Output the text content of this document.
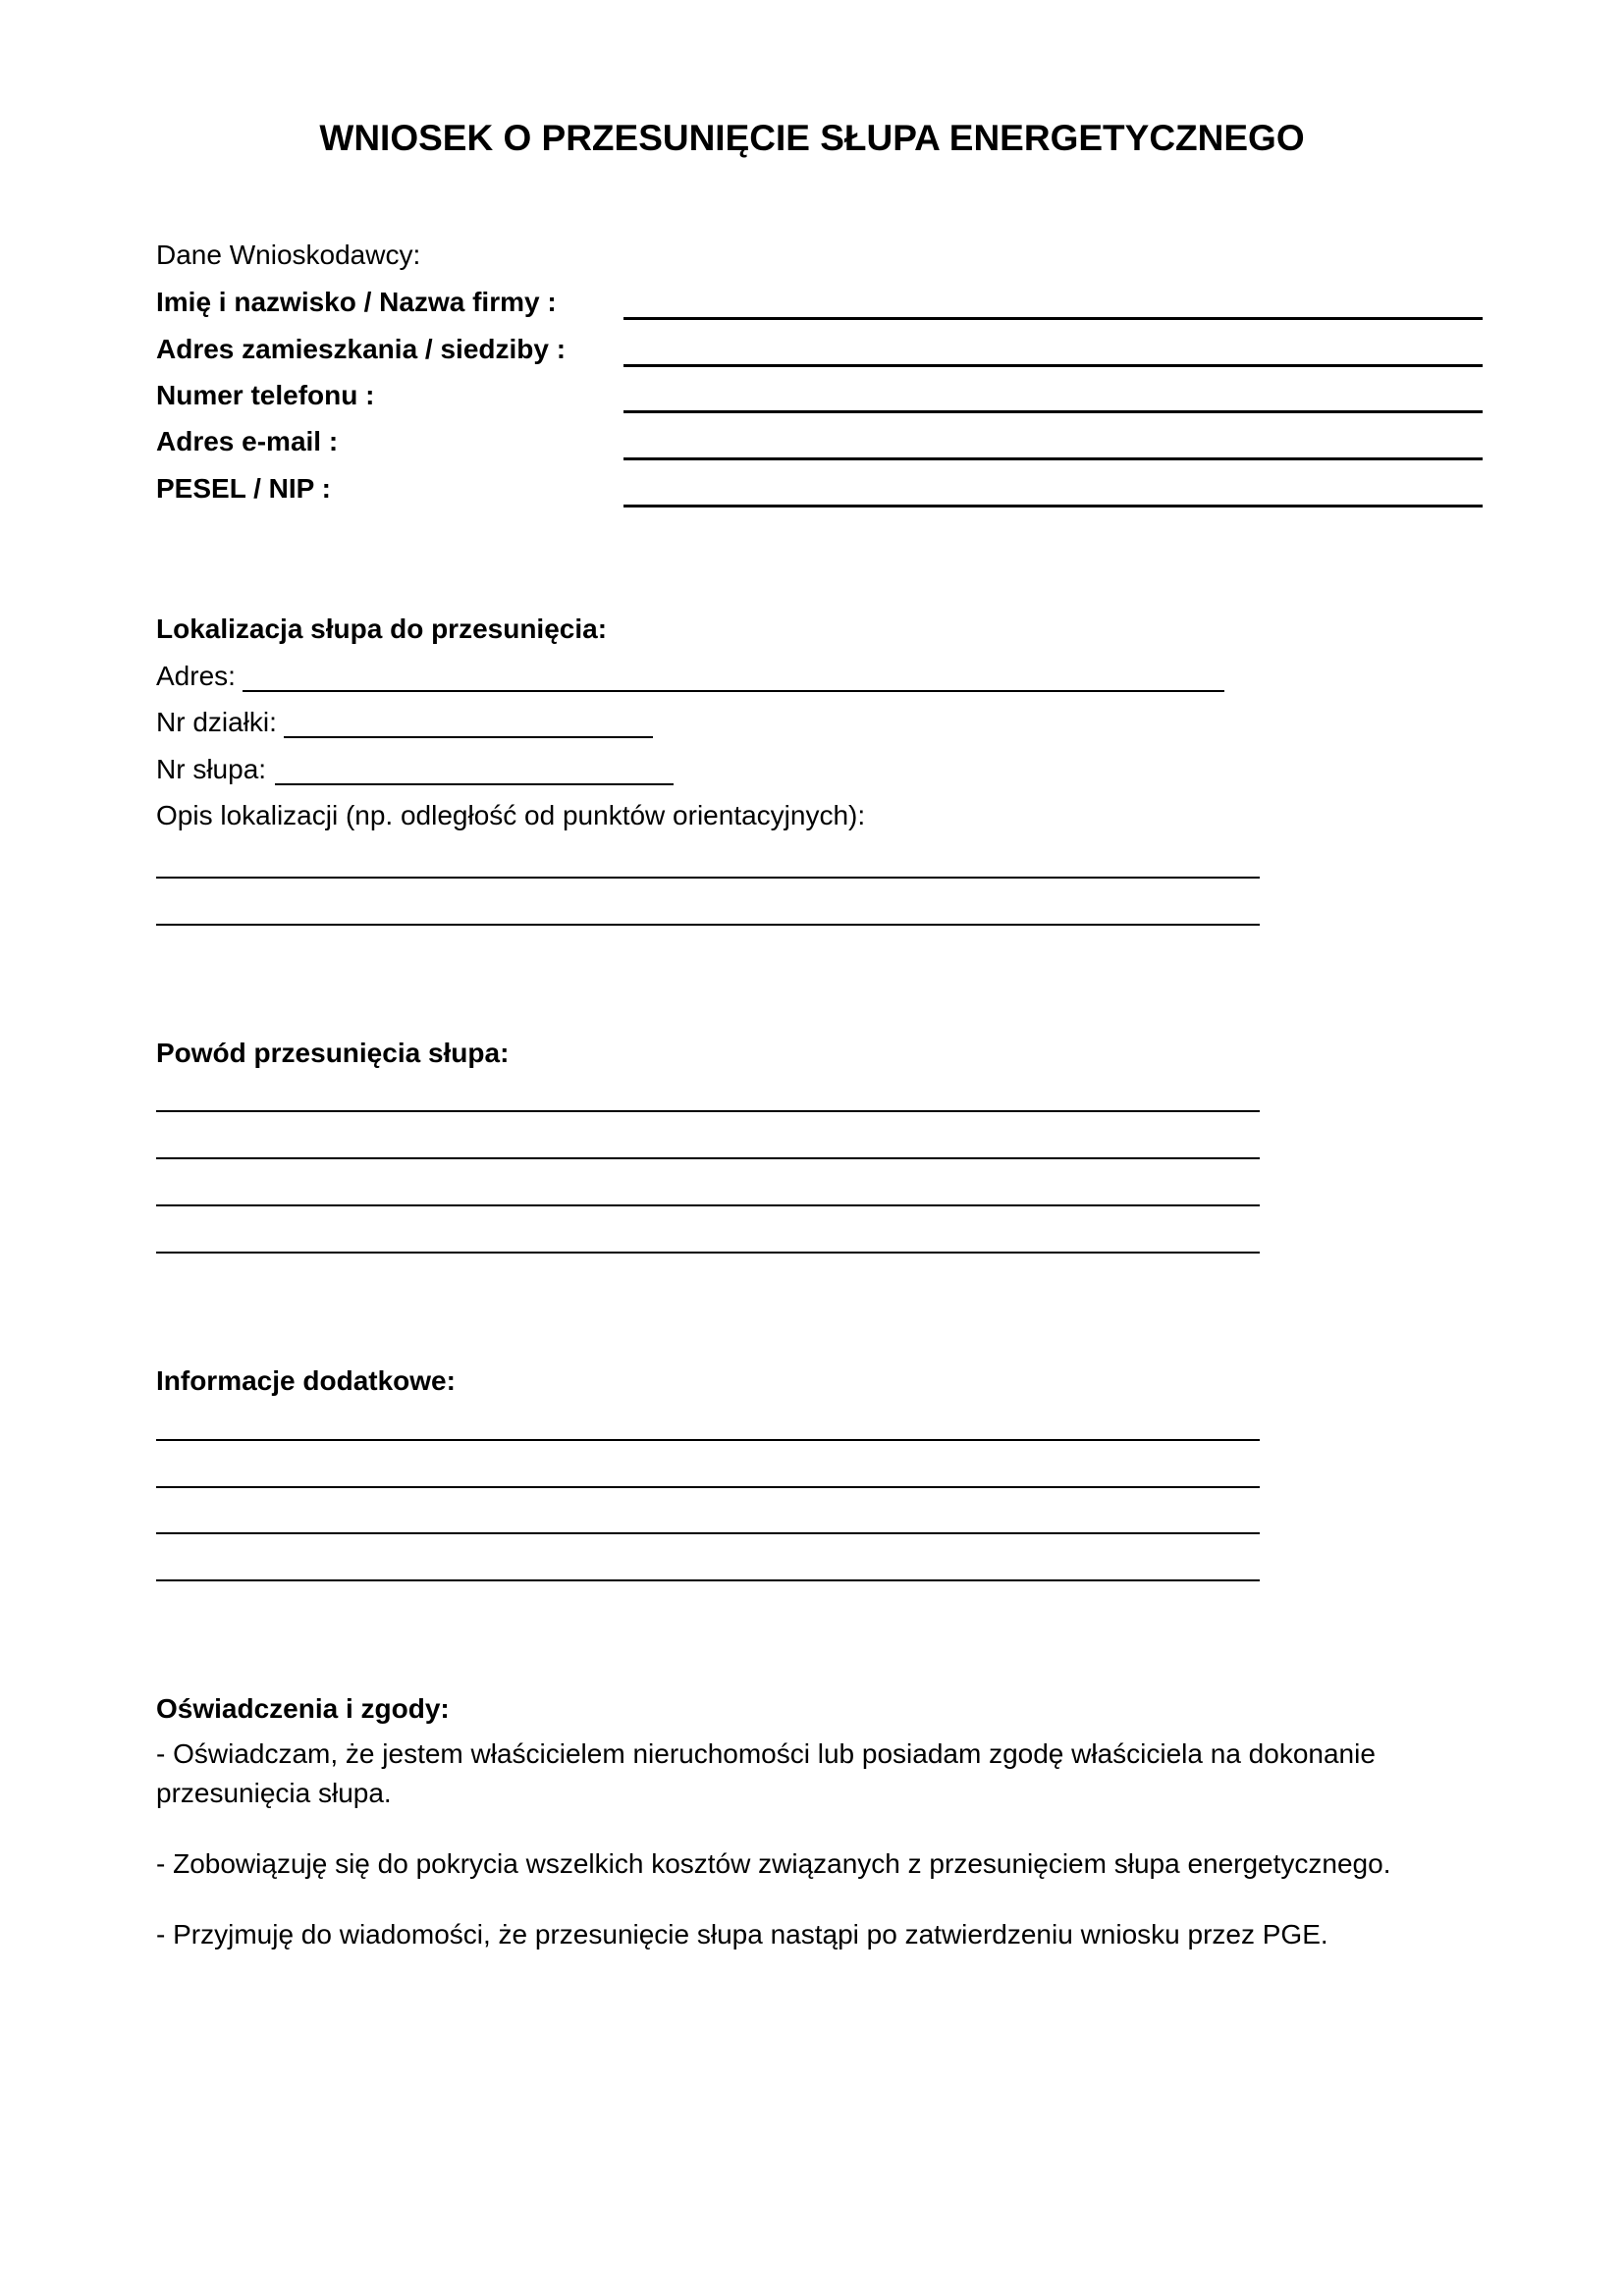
WNIOSEK O PRZESUNIĘCIE SŁUPA ENERGETYCZNEGO
Dane Wnioskodawcy:
Imię i nazwisko / Nazwa firmy :
Adres zamieszkania / siedziby :
Numer telefonu :
Adres e-mail :
PESEL / NIP :
Lokalizacja słupa do przesunięcia:
Adres:
Nr działki:
Nr słupa:
Opis lokalizacji (np. odległość od punktów orientacyjnych):
Powód przesunięcia słupa:
Informacje dodatkowe:
Oświadczenia i zgody:
- Oświadczam, że jestem właścicielem nieruchomości lub posiadam zgodę właściciela na dokonanie przesunięcia słupa.
- Zobowiązuję się do pokrycia wszelkich kosztów związanych z przesunięciem słupa energetycznego.
- Przyjmuję do wiadomości, że przesunięcie słupa nastąpi po zatwierdzeniu wniosku przez PGE.
